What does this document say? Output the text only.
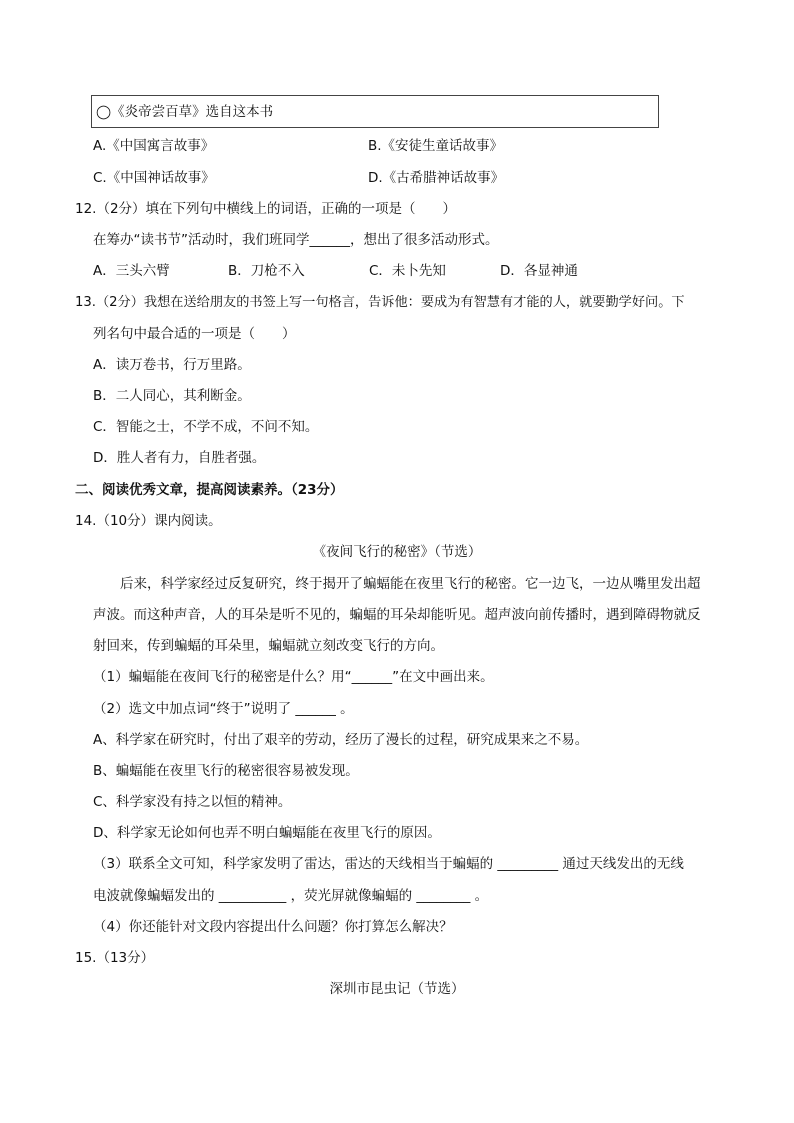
◯《炎帝尝百草》选自这本书
A.《中国寓言故事》	B.《安徒生童话故事》
C.《中国神话故事》	D.《古希腊神话故事》
12.（2分）填在下列句中横线上的词语，正确的一项是（　　）
在筹办“读书节”活动时，我们班同学______，想出了很多活动形式。
A．三头六臂	B．刀枪不入	C．未卜先知	D．各显神通
13.（2分）我想在送给朋友的书签上写一句格言，告诉他：要成为有智慧有才能的人，就要勤学好问。下
列名句中最合适的一项是（　　）
A．读万卷书，行万里路。
B．二人同心，其利断金。
C．智能之士，不学不成，不问不知。
D．胜人者有力，自胜者强。
二、阅读优秀文章，提高阅读素养。（23分）
14.（10分）课内阅读。
《夜间飞行的秘密》（节选）
后来，科学家经过反复研究，终于揭开了蝙蝠能在夜里飞行的秘密。它一边飞，一边从嘴里发出超
声波。而这种声音，人的耳朵是听不见的，蝙蝠的耳朵却能听见。超声波向前传播时，遇到障碍物就反
射回来，传到蝙蝠的耳朵里，蝙蝠就立刻改变飞行的方向。
（1）蝙蝠能在夜间飞行的秘密是什么？用“______”在文中画出来。
（2）选文中加点词“终于”说明了 ______ 。
A、科学家在研究时，付出了艰辛的劳动，经历了漫长的过程，研究成果来之不易。
B、蝙蝠能在夜里飞行的秘密很容易被发现。
C、科学家没有持之以恒的精神。
D、科学家无论如何也弄不明白蝙蝠能在夜里飞行的原因。
（3）联系全文可知，科学家发明了雷达，雷达的天线相当于蝙蝠的 _________ 通过天线发出的无线
电波就像蝙蝠发出的 __________ ，荧光屏就像蝙蝠的 ________ 。
（4）你还能针对文段内容提出什么问题？你打算怎么解决？
15.（13分）
深圳市昆虫记（节选）
